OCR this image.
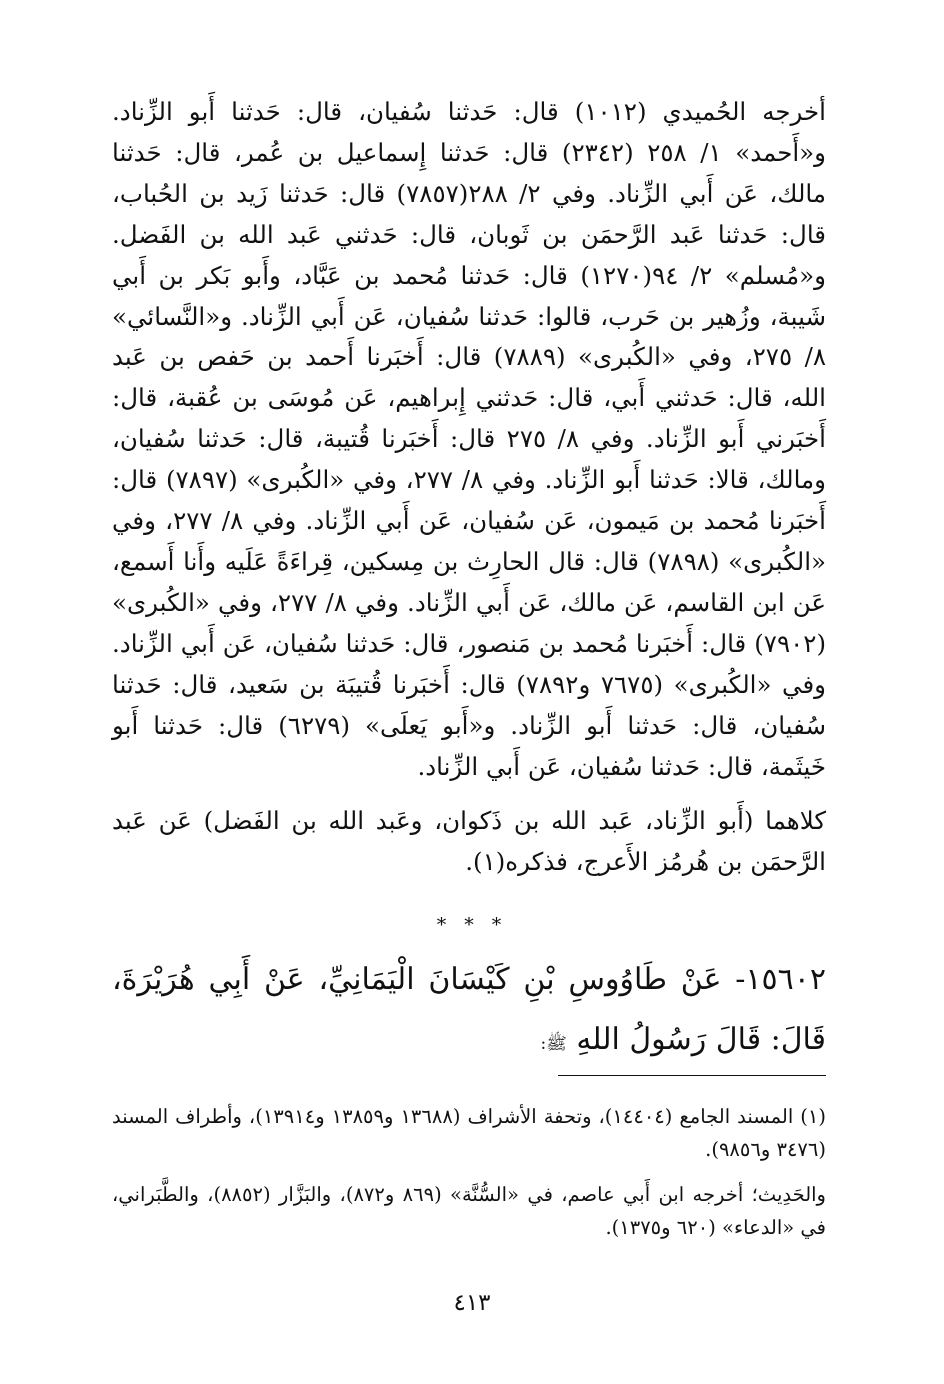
أخرجه الحُميدي (١٠١٢) قال: حَدثنا سُفيان، قال: حَدثنا أَبو الزِّناد. و«أَحمد» ١/ ٢٥٨ (٢٣٤٢) قال: حَدثنا إِسماعيل بن عُمر، قال: حَدثنا مالك، عَن أَبي الزِّناد. وفي ٢/ ٢٨٨(٧٨٥٧) قال: حَدثنا زَيد بن الحُباب، قال: حَدثنا عَبد الرَّحمَن بن ثَوبان، قال: حَدثني عَبد الله بن الفَضل. و«مُسلم» ٢/ ٩٤(١٢٧٠) قال: حَدثنا مُحمد بن عَبَّاد، وأَبو بَكر بن أَبي شَيبة، وزُهير بن حَرب، قالوا: حَدثنا سُفيان، عَن أَبي الزِّناد. و«النَّسائي» ٨/ ٢٧٥، وفي «الكُبرى» (٧٨٨٩) قال: أَخبَرنا أَحمد بن حَفص بن عَبد الله، قال: حَدثني أَبي، قال: حَدثني إِبراهيم، عَن مُوسَى بن عُقبة، قال: أَخبَرني أَبو الزِّناد. وفي ٨/ ٢٧٥ قال: أَخبَرنا قُتيبة، قال: حَدثنا سُفيان، ومالك، قالا: حَدثنا أَبو الزِّناد. وفي ٨/ ٢٧٧، وفي «الكُبرى» (٧٨٩٧) قال: أَخبَرنا مُحمد بن مَيمون، عَن سُفيان، عَن أَبي الزِّناد. وفي ٨/ ٢٧٧، وفي «الكُبرى» (٧٨٩٨) قال: قال الحارِث بن مِسكين، قِراءَةً عَلَيه وأَنا أَسمع، عَن ابن القاسم، عَن مالك، عَن أَبي الزِّناد. وفي ٨/ ٢٧٧، وفي «الكُبرى» (٧٩٠٢) قال: أَخبَرنا مُحمد بن مَنصور، قال: حَدثنا سُفيان، عَن أَبي الزِّناد. وفي «الكُبرى» (٧٦٧٥ و٧٨٩٢) قال: أَخبَرنا قُتيبَة بن سَعيد، قال: حَدثنا سُفيان، قال: حَدثنا أَبو الزِّناد. و«أَبو يَعلَى» (٦٢٧٩) قال: حَدثنا أَبو خَيثَمة، قال: حَدثنا سُفيان، عَن أَبي الزِّناد.

كلاهما (أَبو الزِّناد، عَبد الله بن ذَكوان، وعَبد الله بن الفَضل) عَن عَبد الرَّحمَن بن هُرمُز الأَعرج، فذكره(١).

* * *
١٥٦٠٢- عَنْ طَاوُوسِ بْنِ كَيْسَانَ الْيَمَانِيِّ، عَنْ أَبِي هُرَيْرَةَ، قَالَ: قَالَ رَسُولُ اللهِ ﷺ:

(١) المسند الجامع (١٤٤٠٤)، وتحفة الأشراف (١٣٦٨٨ و١٣٨٥٩ و١٣٩١٤)، وأطراف المسند (٣٤٧٦ و٩٨٥٦).

والحَدِيث؛ أخرجه ابن أَبي عاصم، في «السُّنَّة» (٨٦٩ و٨٧٢)، والبَزَّار (٨٨٥٢)، والطَّبَراني، في «الدعاء» (٦٢٠ و١٣٧٥).

٤١٣
